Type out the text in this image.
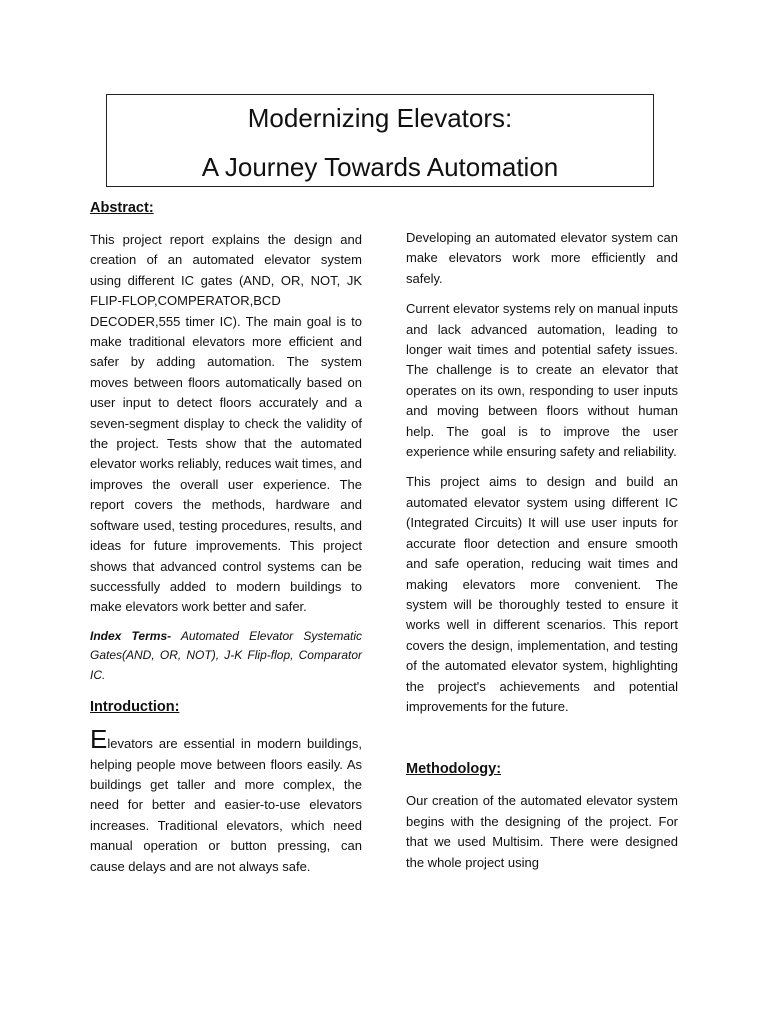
Modernizing Elevators:
A Journey Towards Automation
Abstract:

This project report explains the design and creation of an automated elevator system using different IC gates (AND, OR, NOT, JK FLIP-FLOP,COMPERATOR,BCD DECODER,555 timer IC). The main goal is to make traditional elevators more efficient and safer by adding automation. The system moves between floors automatically based on user input to detect floors accurately and a seven-segment display to check the validity of the project. Tests show that the automated elevator works reliably, reduces wait times, and improves the overall user experience. The report covers the methods, hardware and software used, testing procedures, results, and ideas for future improvements. This project shows that advanced control systems can be successfully added to modern buildings to make elevators work better and safer.

Index Terms- Automated Elevator Systematic Gates(AND, OR, NOT), J-K Flip-flop, Comparator IC.

Introduction:

Elevators are essential in modern buildings, helping people move between floors easily. As buildings get taller and more complex, the need for better and easier-to-use elevators increases. Traditional elevators, which need manual operation or button pressing, can cause delays and are not always safe.

Developing an automated elevator system can make elevators work more efficiently and safely.

Current elevator systems rely on manual inputs and lack advanced automation, leading to longer wait times and potential safety issues. The challenge is to create an elevator that operates on its own, responding to user inputs and moving between floors without human help. The goal is to improve the user experience while ensuring safety and reliability.

This project aims to design and build an automated elevator system using different IC (Integrated Circuits) It will use user inputs for accurate floor detection and ensure smooth and safe operation, reducing wait times and making elevators more convenient. The system will be thoroughly tested to ensure it works well in different scenarios. This report covers the design, implementation, and testing of the automated elevator system, highlighting the project's achievements and potential improvements for the future.

Methodology:

Our creation of the automated elevator system begins with the designing of the project. For that we used Multisim. There were designed the whole project using
